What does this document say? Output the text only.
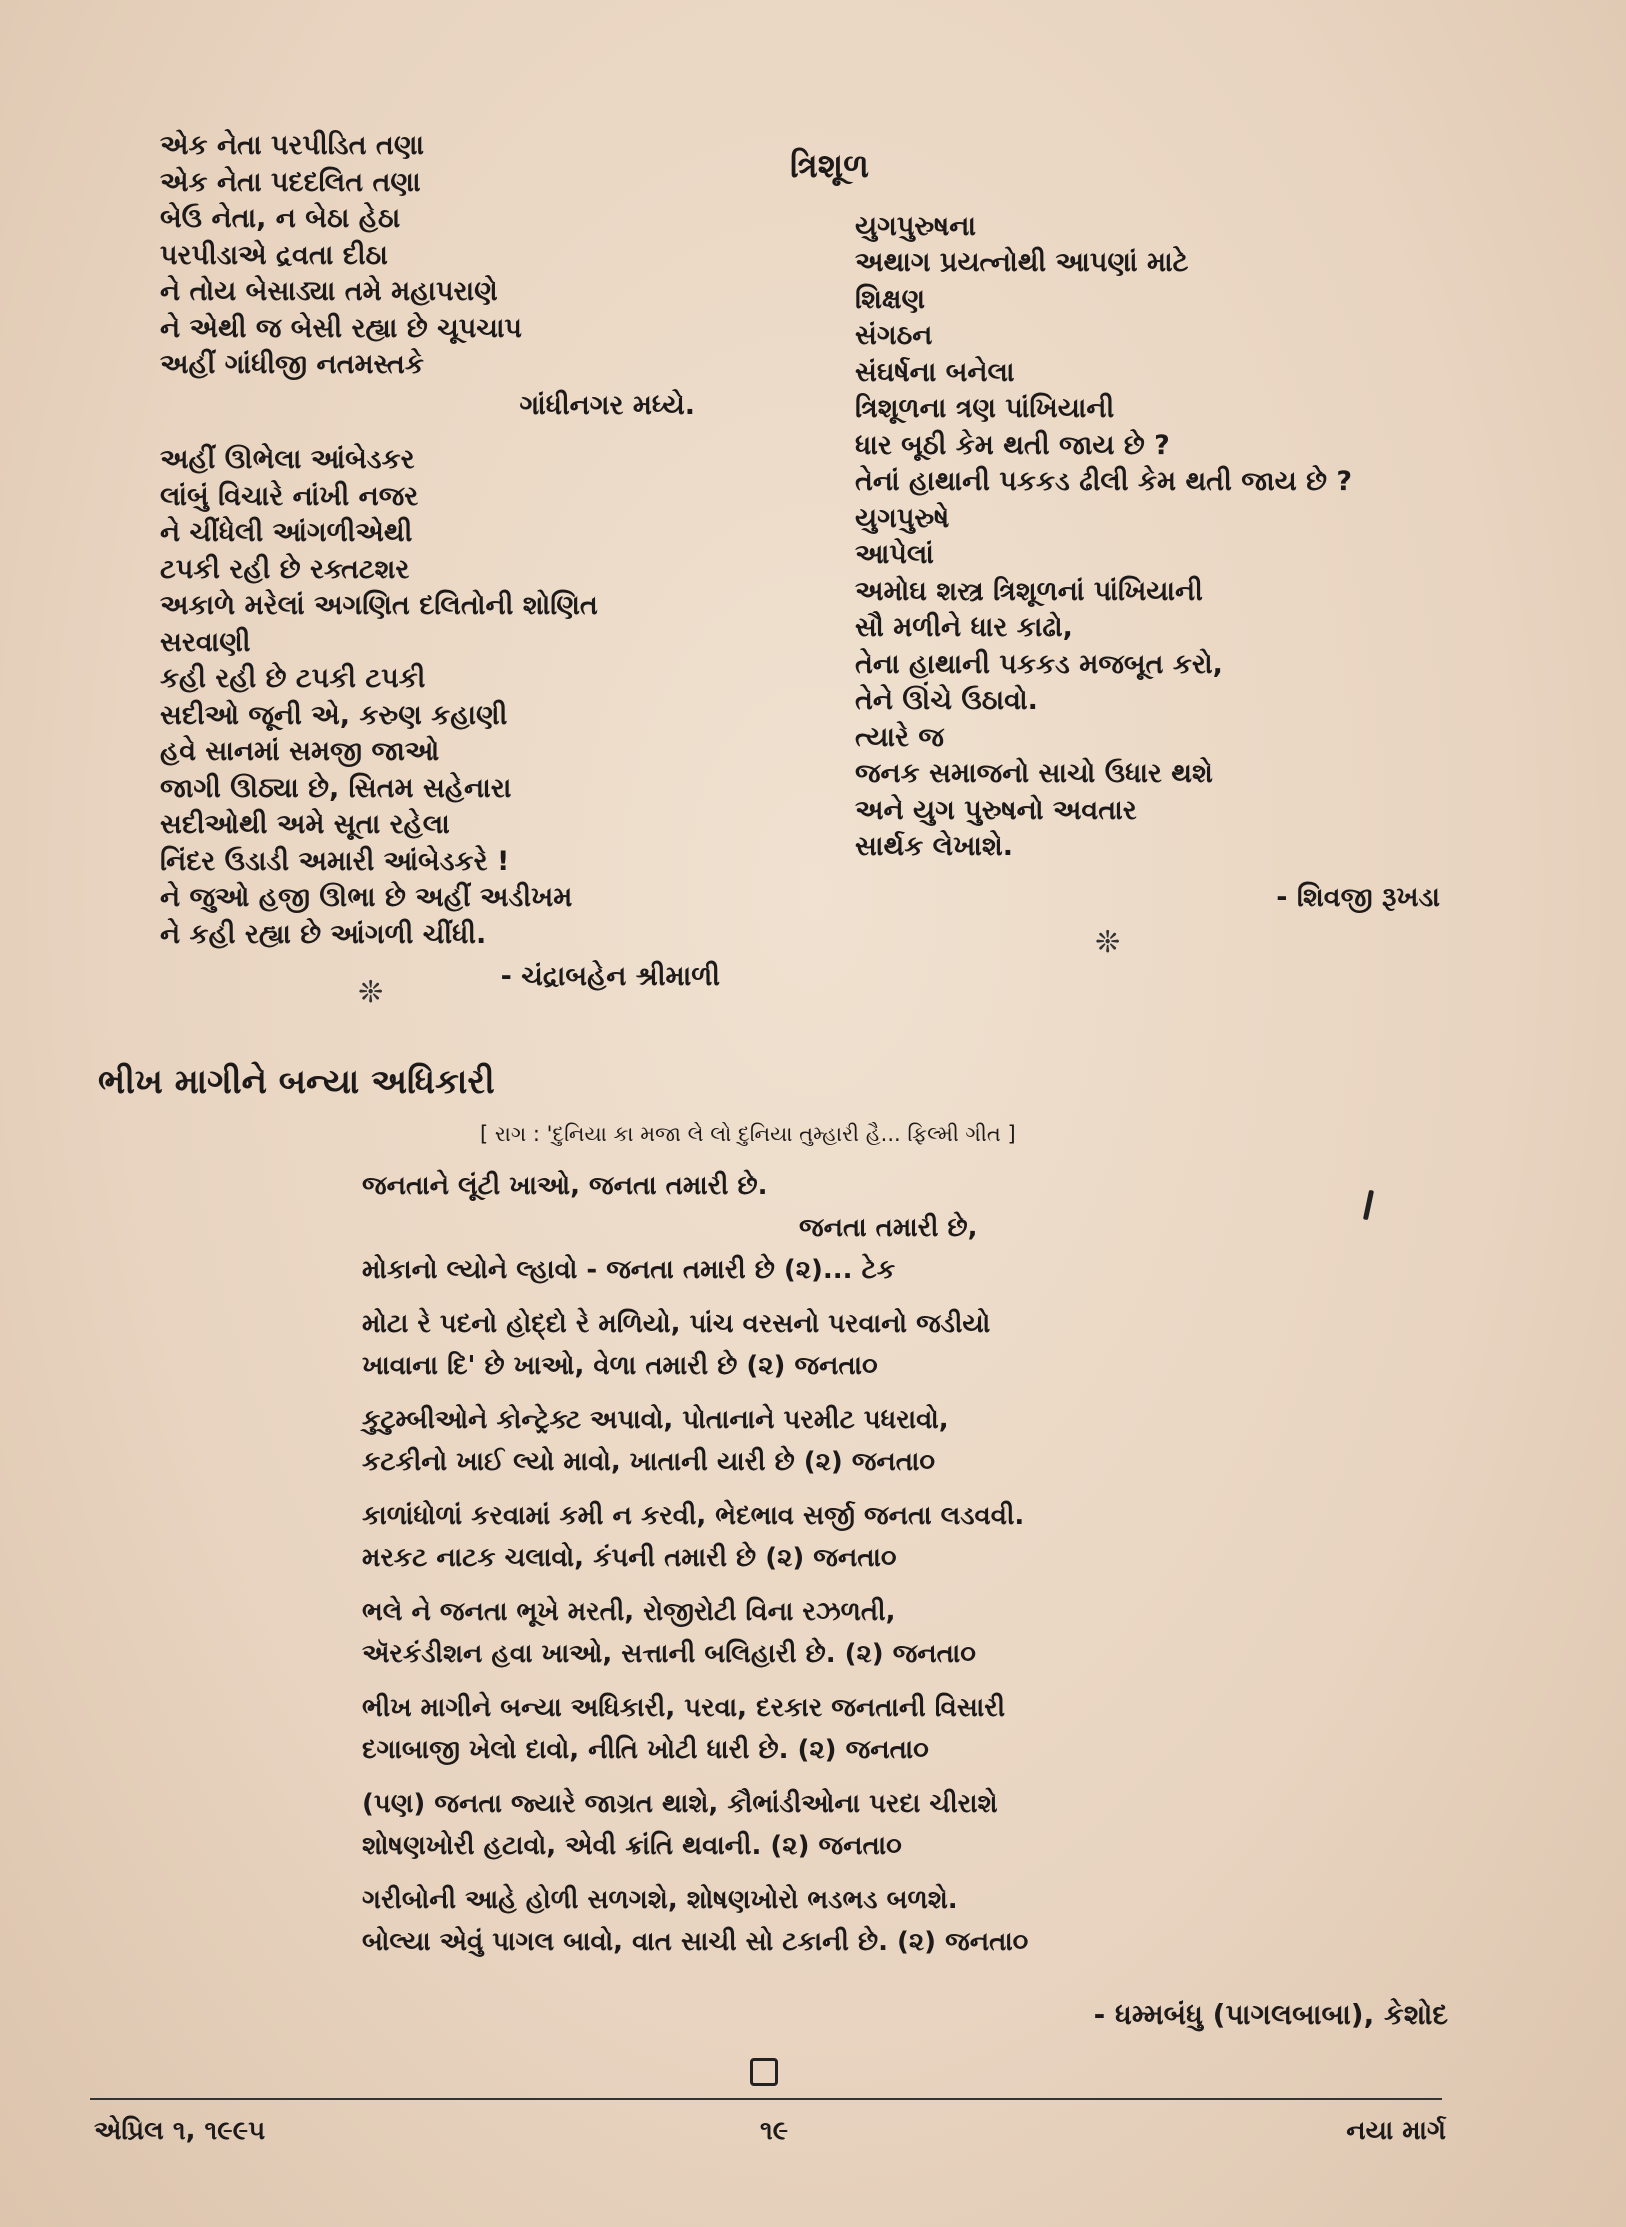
એક નેતા પરપીડિત તણા
એક નેતા પદદલિત તણા
બેઉ નેતા, ન બેઠા હેઠા
પરપીડાએ દ્રવતા દીઠા
ને તોય બેસાડ્યા તમે મહાપરાણે
ને એથી જ બેસી રહ્યા છે ચૂપચાપ
અહીં ગાંધીજી નતમસ્તકે
ગાંધીનગર મધ્યે.
અહીં ઊભેલા આંબેડકર
લાંબું વિચારે નાંખી નજર
ને ચીંધેલી આંગળીએથી
ટપકી રહી છે રક્તટશર
અકાળે મરેલાં અગણિત દલિતોની શોણિત
સરવાણી
કહી રહી છે ટપકી ટપકી
સદીઓ જૂની એ, કરુણ કહાણી
હવે સાનમાં સમજી જાઓ
જાગી ઊઠ્યા છે, સિતમ સહેનારા
સદીઓથી અમે સૂતા રહેલા
નિંદર ઉડાડી અમારી આંબેડકરે !
ને જુઓ હજી ઊભા છે અહીં અડીખમ
ને કહી રહ્યા છે આંગળી ચીંધી.
- ચંદ્રાબહેન શ્રીમાળી
❊
ત્રિશૂળ
યુગપુરુષના
અથાગ પ્રયત્નોથી આપણાં માટે
શિક્ષણ
સંગઠન
સંઘર્ષના બનેલા
ત્રિશૂળના ત્રણ પાંખિયાની
ધાર બૂઠી કેમ થતી જાય છે ?
તેનાં હાથાની પકકડ ઢીલી કેમ થતી જાય છે ?
યુગપુરુષે
આપેલાં
અમોઘ શસ્ત્ર ત્રિશૂળનાં પાંખિયાની
સૌ મળીને ધાર કાઢો,
તેના હાથાની પકકડ મજબૂત કરો,
તેને ઊંચે ઉઠાવો.
ત્યારે જ
જનક સમાજનો સાચો ઉધાર થશે
અને યુગ પુરુષનો અવતાર
સાર્થક લેખાશે.
- શિવજી રૂખડા
❊
ભીખ માગીને બન્યા અધિકારી
[ રાગ : 'દુનિયા કા મજા લે લો દુનિયા તુમ્હારી હૈ... ફિલ્મી ગીત ]
જનતાને લૂંટી ખાઓ, જનતા તમારી છે.
જનતા તમારી છે,
મોકાનો લ્યોને લ્હાવો - જનતા તમારી છે (૨)... ટેક
મોટા રે પદનો હોદ્દો રે મળિયો, પાંચ વરસનો પરવાનો જડીયો
ખાવાના દિ' છે ખાઓ, વેળા તમારી છે (૨) જનતા૦
કુટુમ્બીઓને કોન્ટ્રેક્ટ અપાવો, પોતાનાને પરમીટ પધરાવો,
કટકીનો ખાઈ લ્યો માવો, ખાતાની યારી છે (૨) જનતા૦
કાળાંધોળાં કરવામાં કમી ન કરવી, ભેદભાવ સર્જી જનતા લડવવી.
મરકટ નાટક ચલાવો, કંપની તમારી છે (૨) જનતા૦
ભલે ને જનતા ભૂખે મરતી, રોજીરોટી વિના રઝળતી,
ઍરકંડીશન હવા ખાઓ, સત્તાની બલિહારી છે. (૨) જનતા૦
ભીખ માગીને બન્યા અધિકારી, પરવા, દરકાર જનતાની વિસારી
દગાબાજી ખેલો દાવો, નીતિ ખોટી ધારી છે. (૨) જનતા૦
(પણ) જનતા જ્યારે જાગ્રત થાશે, કૌભાંડીઓના પરદા ચીરાશે
શોષણખોરી હટાવો, એવી ક્રાંતિ થવાની. (૨) જનતા૦
ગરીબોની આહે હોળી સળગશે, શોષણખોરો ભડભડ બળશે.
બોલ્યા એવું પાગલ બાવો, વાત સાચી સો ટકાની છે. (૨) જનતા૦
- ધમ્મબંધુ (પાગલબાબા), કેશોદ
એપ્રિલ ૧, ૧૯૯૫	૧૯	નયા માર્ગ
